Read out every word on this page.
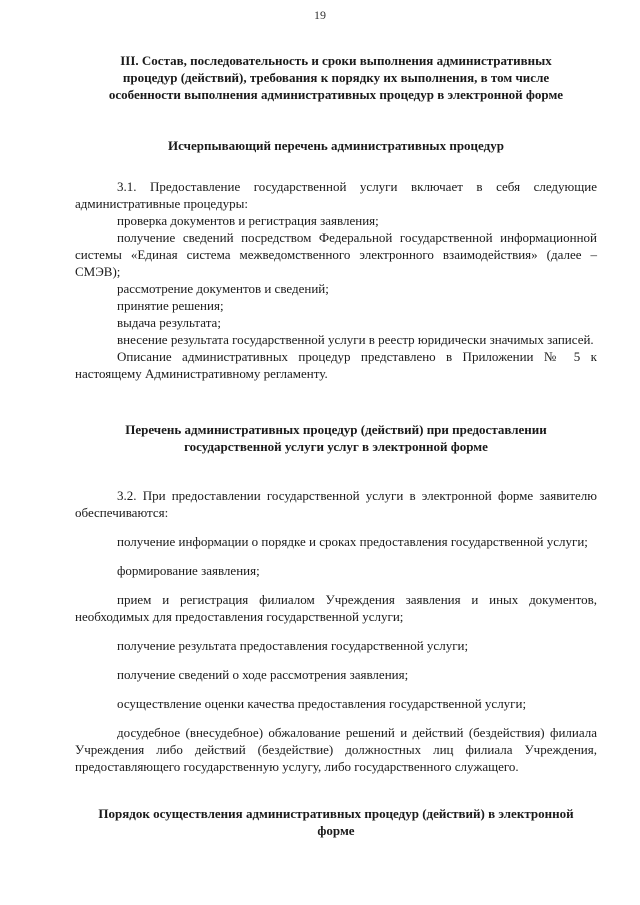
19
III. Состав, последовательность и сроки выполнения административных
процедур (действий), требования к порядку их выполнения, в том числе
особенности выполнения административных процедур в электронной форме
Исчерпывающий перечень административных процедур

3.1. Предоставление государственной услуги включает в себя следующие административные процедуры:

проверка документов и регистрация заявления;

получение сведений посредством Федеральной государственной информационной системы «Единая система межведомственного электронного взаимодействия» (далее – СМЭВ);

рассмотрение документов и сведений;

принятие решения;

выдача результата;

внесение результата государственной услуги в реестр юридически значимых записей.

Описание административных процедур представлено в Приложении № 5 к настоящему Административному регламенту.

Перечень административных процедур (действий) при предоставлении
государственной услуги услуг в электронной форме

3.2. При предоставлении государственной услуги в электронной форме заявителю обеспечиваются:

получение информации о порядке и сроках предоставления государственной услуги;

формирование заявления;

прием и регистрация филиалом Учреждения заявления и иных документов, необходимых для предоставления государственной услуги;

получение результата предоставления государственной услуги;

получение сведений о ходе рассмотрения заявления;

осуществление оценки качества предоставления государственной услуги;

досудебное (внесудебное) обжалование решений и действий (бездействия) филиала Учреждения либо действий (бездействие) должностных лиц филиала Учреждения, предоставляющего государственную услугу, либо государственного служащего.

Порядок осуществления административных процедур (действий) в электронной
форме
